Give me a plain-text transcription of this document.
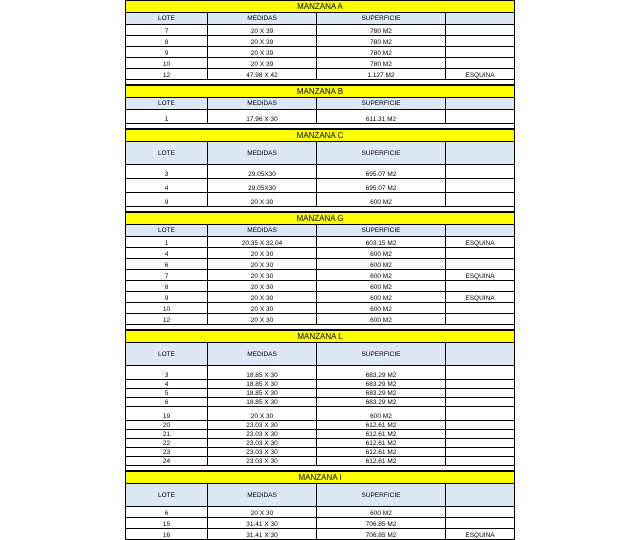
MANZANA A
LOTE	MEDIDAS	SUPERFICIE
7	20 X 39	780 M2
8	20 X 39	780 M2
9	20 X 39	780 M2
10	20 X 39	780 M2
12	47.98 X 42	1,127 M2	ESQUINA
MANZANA B
LOTE	MEDIDAS	SUPERFICIE
1	17.96 X 30	611.31 M2
MANZANA C
LOTE	MEDIDAS	SUPERFICIE
3	29.05X30	695.07 M2
4	29.05X30	695.07 M2
9	20 X 30	600 M2
MANZANA G
LOTE	MEDIDAS	SUPERFICIE
1	20.35 X 32.04	603.15 M2	ESQUINA
4	20 X 30	600 M2
6	20 X 30	600 M2
7	20 X 30	600 M2	ESQUINA
8	20 X 30	600 M2
9	20 X 30	600 M2	ESQUINA
10	20 X 30	600 M2
12	20 X 30	600 M2
MANZANA L
LOTE	MEDIDAS	SUPERFICIE
3	18.85 X 30	683.29 M2
4	18.85 X 30	683.29 M2
5	18.85 X 30	683.29 M2
6	18.85 X 30	683.29 M2
19	20 X 30	600 M2
20	23.03 X 30	612.61 M2
21	23.03 X 30	612.61 M2
22	23.03 X 30	612.61 M2
23	23.03 X 30	612.61 M2
24	23.03 X 30	612.61 M2
MANZANA I
LOTE	MEDIDAS	SUPERFICIE
6	20 X 30	600 M2
15	31.41 X 30	706.85 M2
16	31.41 X 30	706.85 M2	ESQUINA
